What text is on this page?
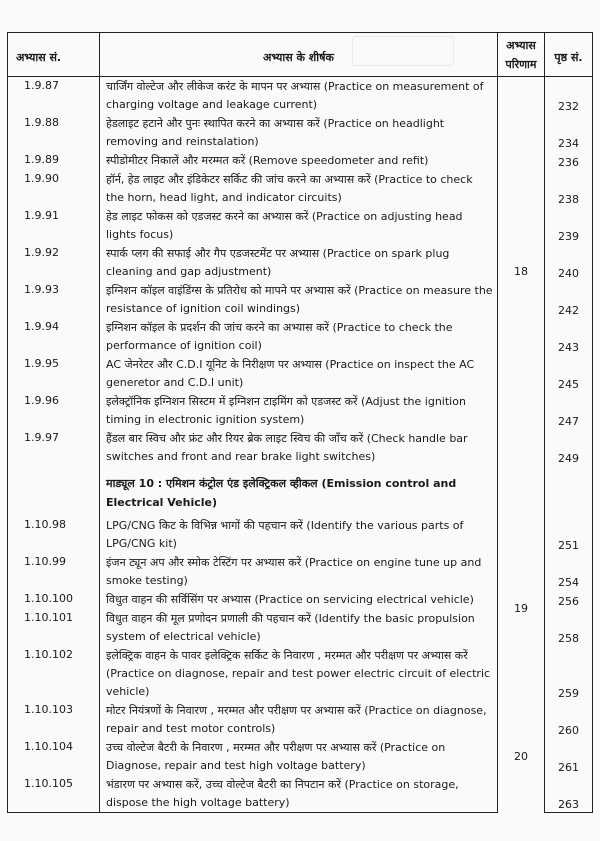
अभ्यास सं.	अभ्यास के शीर्षक	अभ्यास परिणाम	पृष्ठ सं.
1.9.87	चार्जिंग वोल्टेज और लीकेज करंट के मापन पर अभ्यास (Practice on measurement of charging voltage and leakage current)	18	232
1.9.88	हेडलाइट हटाने और पुनः स्थापित करने का अभ्यास करें (Practice on headlight removing and reinstalation)		234
1.9.89	स्पीडोमीटर निकालें और मरम्मत करें (Remove speedometer and refit)		236
1.9.90	हॉर्न, हेड लाइट और इंडिकेटर सर्किट की जांच करने का अभ्यास करें (Practice to check the horn, head light, and indicator circuits)		238
1.9.91	हेड लाइट फोकस को एडजस्ट करने का अभ्यास करें (Practice on adjusting head lights focus)		239
1.9.92	स्पार्क प्लग की सफाई और गैप एडजस्टमेंट पर अभ्यास (Practice on spark plug cleaning and gap adjustment)		240
1.9.93	इग्निशन कॉइल वाइंडिंग्स के प्रतिरोध को मापने पर अभ्यास करें (Practice on measure the resistance of ignition coil windings)		242
1.9.94	इग्निशन कॉइल के प्रदर्शन की जांच करने का अभ्यास करें (Practice to check the performance of ignition coil)		243
1.9.95	AC जेनरेटर और C.D.I यूनिट के निरीक्षण पर अभ्यास (Practice on inspect the AC generetor and C.D.I unit)		245
1.9.96	इलेक्ट्रॉनिक इग्निशन सिस्टम में इग्निशन टाइमिंग को एडजस्ट करें (Adjust the ignition timing in electronic ignition system)		247
1.9.97	हैंडल बार स्विच और फ्रंट और रियर ब्रेक लाइट स्विच की जाँच करें (Check handle bar switches and front and rear brake light switches)		249
	माड्यूल 10 : एमिशन कंट्रोल एंड इलेक्ट्रिकल व्हीकल (Emission control and Electrical Vehicle)		
1.10.98	LPG/CNG किट के विभिन्न भागों की पहचान करें (Identify the various parts of LPG/CNG kit)	19	251
1.10.99	इंजन ट्यून अप और स्मोक टेस्टिंग पर अभ्यास करें (Practice on engine tune up and smoke testing)		254
1.10.100	विधुत वाहन की सर्विसिंग पर अभ्यास (Practice on servicing electrical vehicle)		256
1.10.101	विधुत वाहन की मूल प्रणोदन प्रणाली की पहचान करें (Identify the basic propulsion system of electrical vehicle)		258
1.10.102	इलेक्ट्रिक वाहन के पावर इलेक्ट्रिक सर्किट के निवारण , मरम्मत और परीक्षण पर अभ्यास करें (Practice on diagnose, repair and test power electric circuit of electric vehicle)		259
1.10.103	मोटर नियंत्रणों के निवारण , मरम्मत और परीक्षण पर अभ्यास करें (Practice on diagnose, repair and test motor controls)	20	260
1.10.104	उच्च वोल्टेज बैटरी के निवारण , मरम्मत और परीक्षण पर अभ्यास करें (Practice on Diagnose, repair and test high voltage battery)		261
1.10.105	भंडारण पर अभ्यास करें, उच्च वोल्टेज बैटरी का निपटान करें (Practice on storage, dispose the high voltage battery)		263
